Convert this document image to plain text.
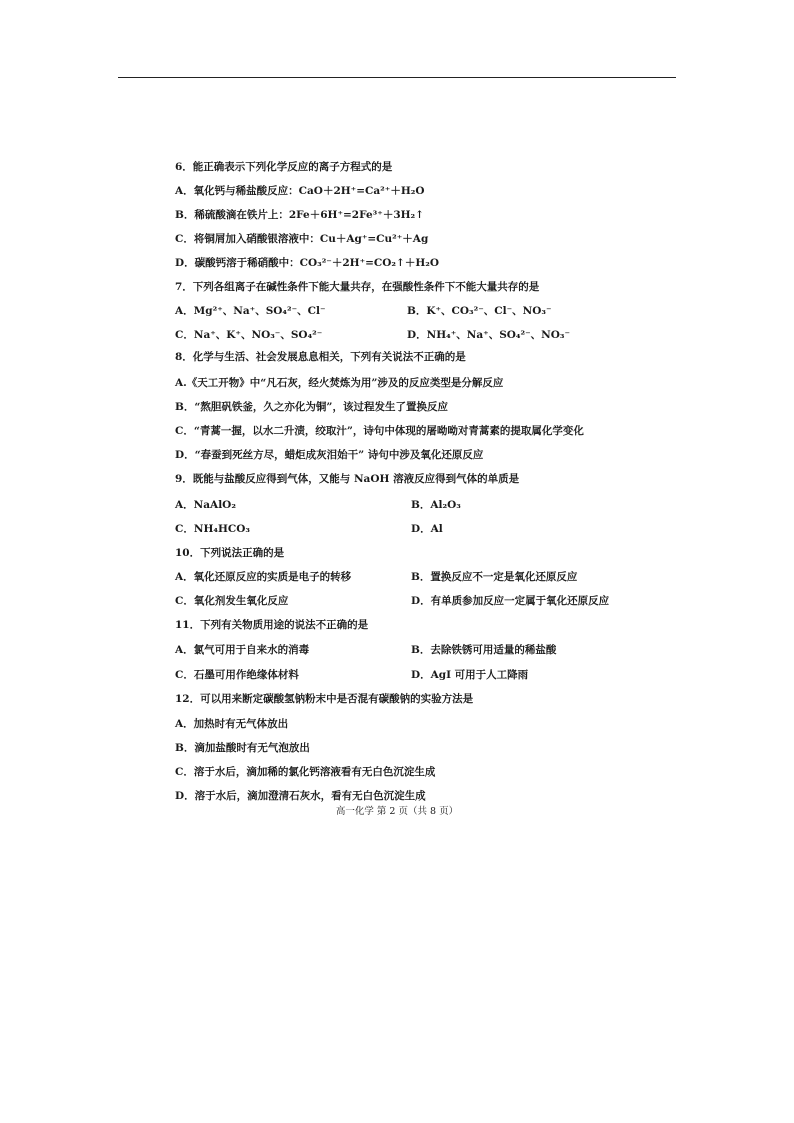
6．能正确表示下列化学反应的离子方程式的是
A．氧化钙与稀盐酸反应：CaO＋2H⁺=Ca²⁺＋H₂O
B．稀硫酸滴在铁片上：2Fe＋6H⁺=2Fe³⁺＋3H₂↑
C．将铜屑加入硝酸银溶液中：Cu＋Ag⁺=Cu²⁺＋Ag
D．碳酸钙溶于稀硝酸中：CO₃²⁻＋2H⁺=CO₂↑＋H₂O
7．下列各组离子在碱性条件下能大量共存，在强酸性条件下不能大量共存的是
A．Mg²⁺、Na⁺、SO₄²⁻、Cl⁻	B．K⁺、CO₃²⁻、Cl⁻、NO₃⁻
C．Na⁺、K⁺、NO₃⁻、SO₄²⁻	D．NH₄⁺、Na⁺、SO₄²⁻、NO₃⁻
8．化学与生活、社会发展息息相关，下列有关说法不正确的是
A.《天工开物》中“凡石灰，经火焚炼为用”涉及的反应类型是分解反应
B．“熬胆矾铁釜，久之亦化为铜”，该过程发生了置换反应
C．“青蒿一握，以水二升渍，绞取汁”，诗句中体现的屠呦呦对青蒿素的提取属化学变化
D．“春蚕到死丝方尽，蜡炬成灰泪始干” 诗句中涉及氧化还原反应
9．既能与盐酸反应得到气体，又能与 NaOH 溶液反应得到气体的单质是
A．NaAlO₂	B．Al₂O₃
C．NH₄HCO₃	D．Al
10．下列说法正确的是
A．氧化还原反应的实质是电子的转移	B．置换反应不一定是氧化还原反应
C．氧化剂发生氧化反应	D．有单质参加反应一定属于氧化还原反应
11．下列有关物质用途的说法不正确的是
A．氯气可用于自来水的消毒	B．去除铁锈可用适量的稀盐酸
C．石墨可用作绝缘体材料	D．AgI 可用于人工降雨
12．可以用来断定碳酸氢钠粉末中是否混有碳酸钠的实验方法是
A．加热时有无气体放出
B．滴加盐酸时有无气泡放出
C．溶于水后，滴加稀的氯化钙溶液看有无白色沉淀生成
D．溶于水后，滴加澄清石灰水，看有无白色沉淀生成
高一化学 第 2 页（共 8 页）
